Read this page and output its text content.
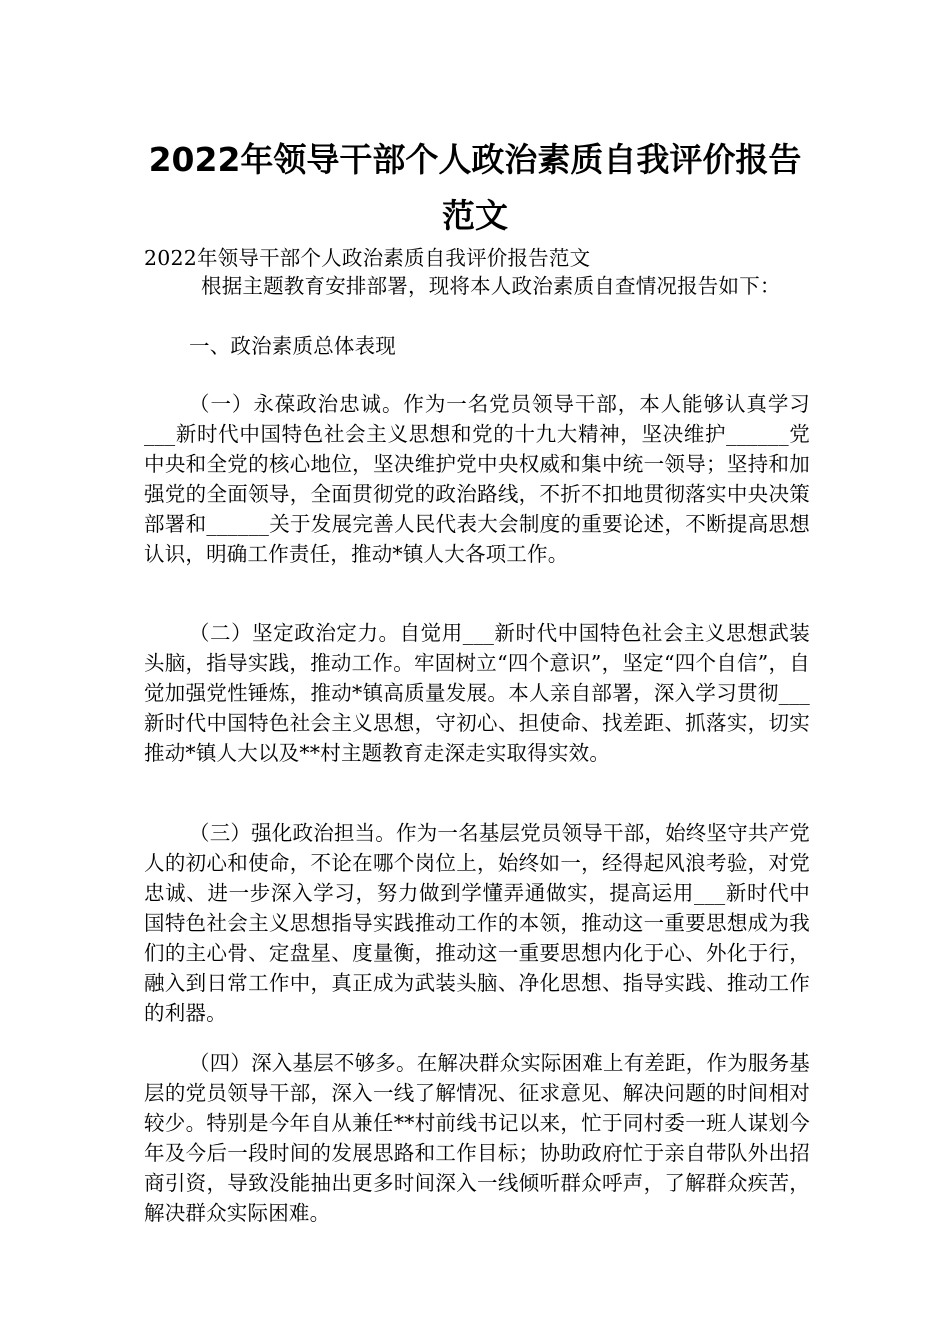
2022年领导干部个人政治素质自我评价报告范文

2022年领导干部个人政治素质自我评价报告范文

根据主题教育安排部署，现将本人政治素质自查情况报告如下：

一、政治素质总体表现

（一）永葆政治忠诚。作为一名党员领导干部，本人能够认真学习___新时代中国特色社会主义思想和党的十九大精神，坚决维护______党中央和全党的核心地位，坚决维护党中央权威和集中统一领导；坚持和加强党的全面领导，全面贯彻党的政治路线，不折不扣地贯彻落实中央决策部署和______关于发展完善人民代表大会制度的重要论述，不断提高思想认识，明确工作责任，推动*镇人大各项工作。

（二）坚定政治定力。自觉用___新时代中国特色社会主义思想武装头脑，指导实践，推动工作。牢固树立“四个意识”，坚定“四个自信”，自觉加强党性锤炼，推动*镇高质量发展。本人亲自部署，深入学习贯彻___新时代中国特色社会主义思想，守初心、担使命、找差距、抓落实，切实推动*镇人大以及**村主题教育走深走实取得实效。

（三）强化政治担当。作为一名基层党员领导干部，始终坚守共产党人的初心和使命，不论在哪个岗位上，始终如一，经得起风浪考验，对党忠诚、进一步深入学习，努力做到学懂弄通做实，提高运用___新时代中国特色社会主义思想指导实践推动工作的本领，推动这一重要思想成为我们的主心骨、定盘星、度量衡，推动这一重要思想内化于心、外化于行，融入到日常工作中，真正成为武装头脑、净化思想、指导实践、推动工作的利器。

（四）深入基层不够多。在解决群众实际困难上有差距，作为服务基层的党员领导干部，深入一线了解情况、征求意见、解决问题的时间相对较少。特别是今年自从兼任**村前线书记以来，忙于同村委一班人谋划今年及今后一段时间的发展思路和工作目标；协助政府忙于亲自带队外出招商引资，导致没能抽出更多时间深入一线倾听群众呼声，了解群众疾苦，解决群众实际困难。
